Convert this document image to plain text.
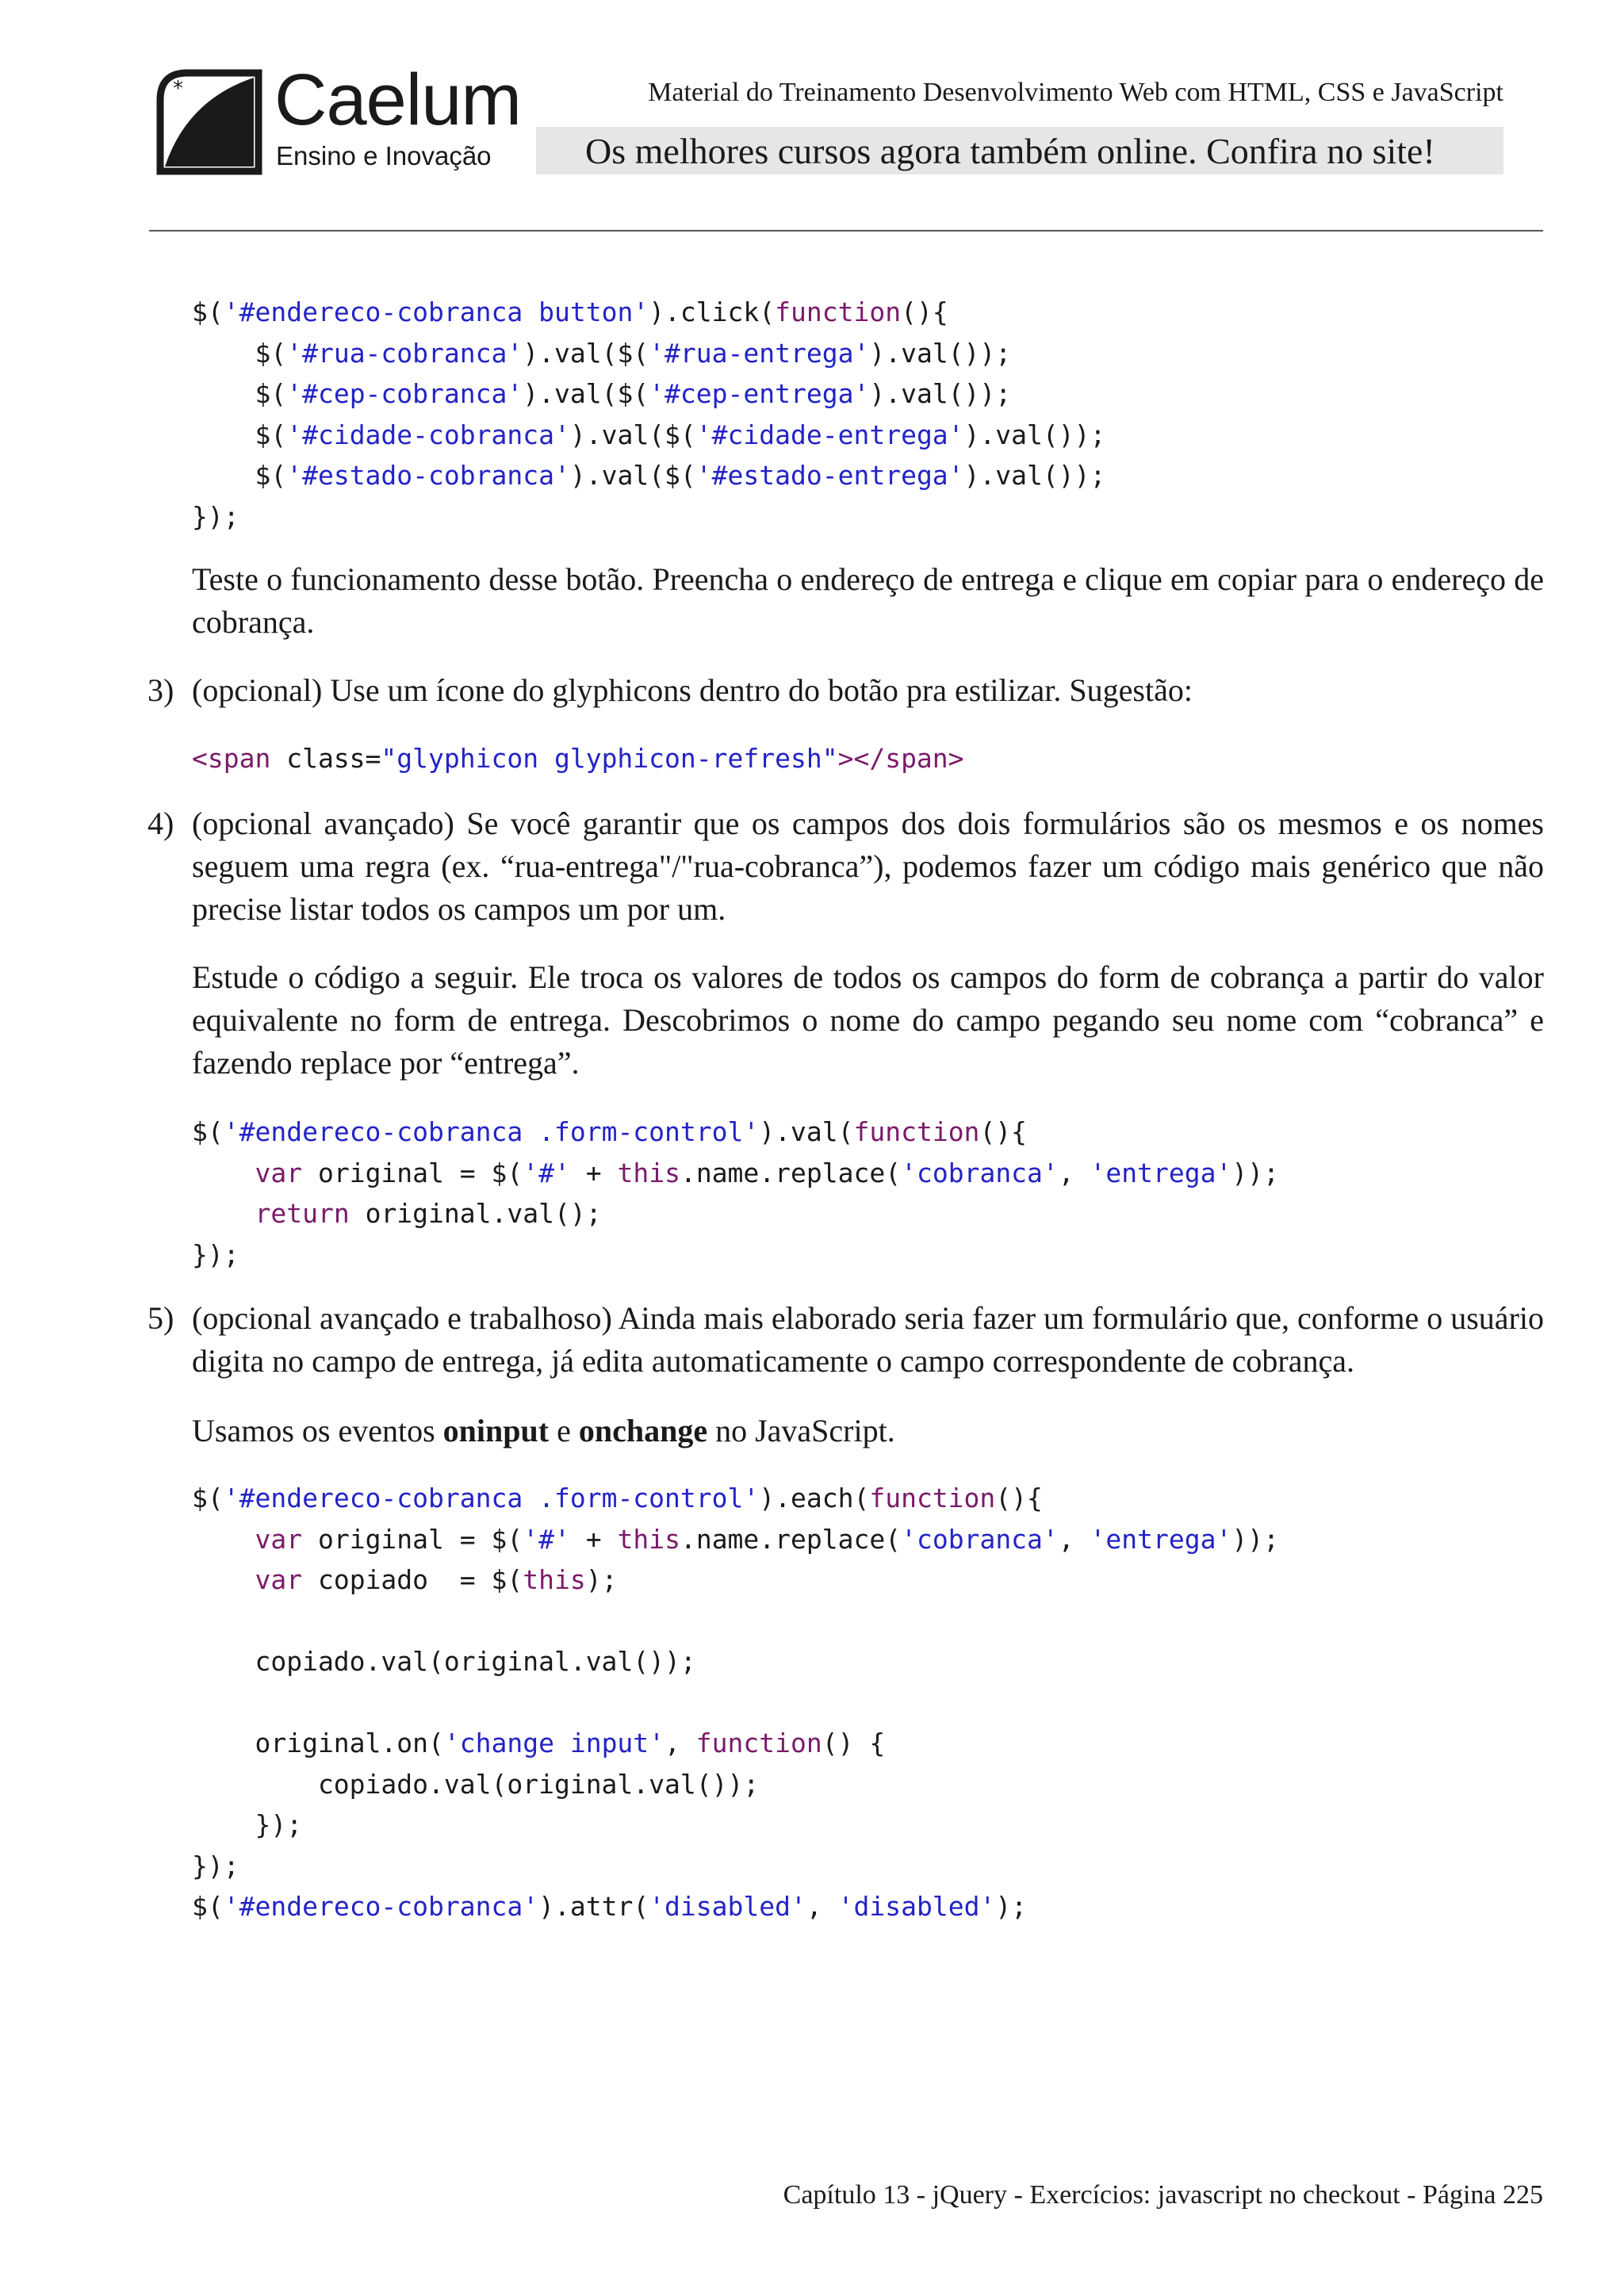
* Caelum
Ensino e Inovação
Material do Treinamento Desenvolvimento Web com HTML, CSS e JavaScript
Os melhores cursos agora também online. Confira no site!
$('#endereco-cobranca button').click(function(){
$('#rua-cobranca').val($('#rua-entrega').val());
$('#cep-cobranca').val($('#cep-entrega').val());
$('#cidade-cobranca').val($('#cidade-entrega').val());
$('#estado-cobranca').val($('#estado-entrega').val());
});

Teste o funcionamento desse botão. Preencha o endereço de entrega e clique em copiar para o endereço de cobrança.
3) (opcional) Use um ícone do glyphicons dentro do botão pra estilizar. Sugestão:
<span class="glyphicon glyphicon-refresh"></span>
4) (opcional avançado) Se você garantir que os campos dos dois formulários são os mesmos e os nomes seguem uma regra (ex. “rua-entrega"/"rua-cobranca”), podemos fazer um código mais genérico que não precise listar todos os campos um por um.
Estude o código a seguir. Ele troca os valores de todos os campos do form de cobrança a partir do valor equivalente no form de entrega. Descobrimos o nome do campo pegando seu nome com “cobranca” e fazendo replace por “entrega”.
$('#endereco-cobranca .form-control').val(function(){
var original = $('#' + this.name.replace('cobranca', 'entrega'));
return original.val();
});

5) (opcional avançado e trabalhoso) Ainda mais elaborado seria fazer um formulário que, conforme o usuário digita no campo de entrega, já edita automaticamente o campo correspondente de cobrança.
Usamos os eventos oninput e onchange no JavaScript.
$('#endereco-cobranca .form-control').each(function(){
var original = $('#' + this.name.replace('cobranca', 'entrega'));
var copiado  = $(this);

copiado.val(original.val());

original.on('change input', function() {
copiado.val(original.val());
});
});
$('#endereco-cobranca').attr('disabled', 'disabled');

Capítulo 13 - jQuery - Exercícios: javascript no checkout - Página 225
